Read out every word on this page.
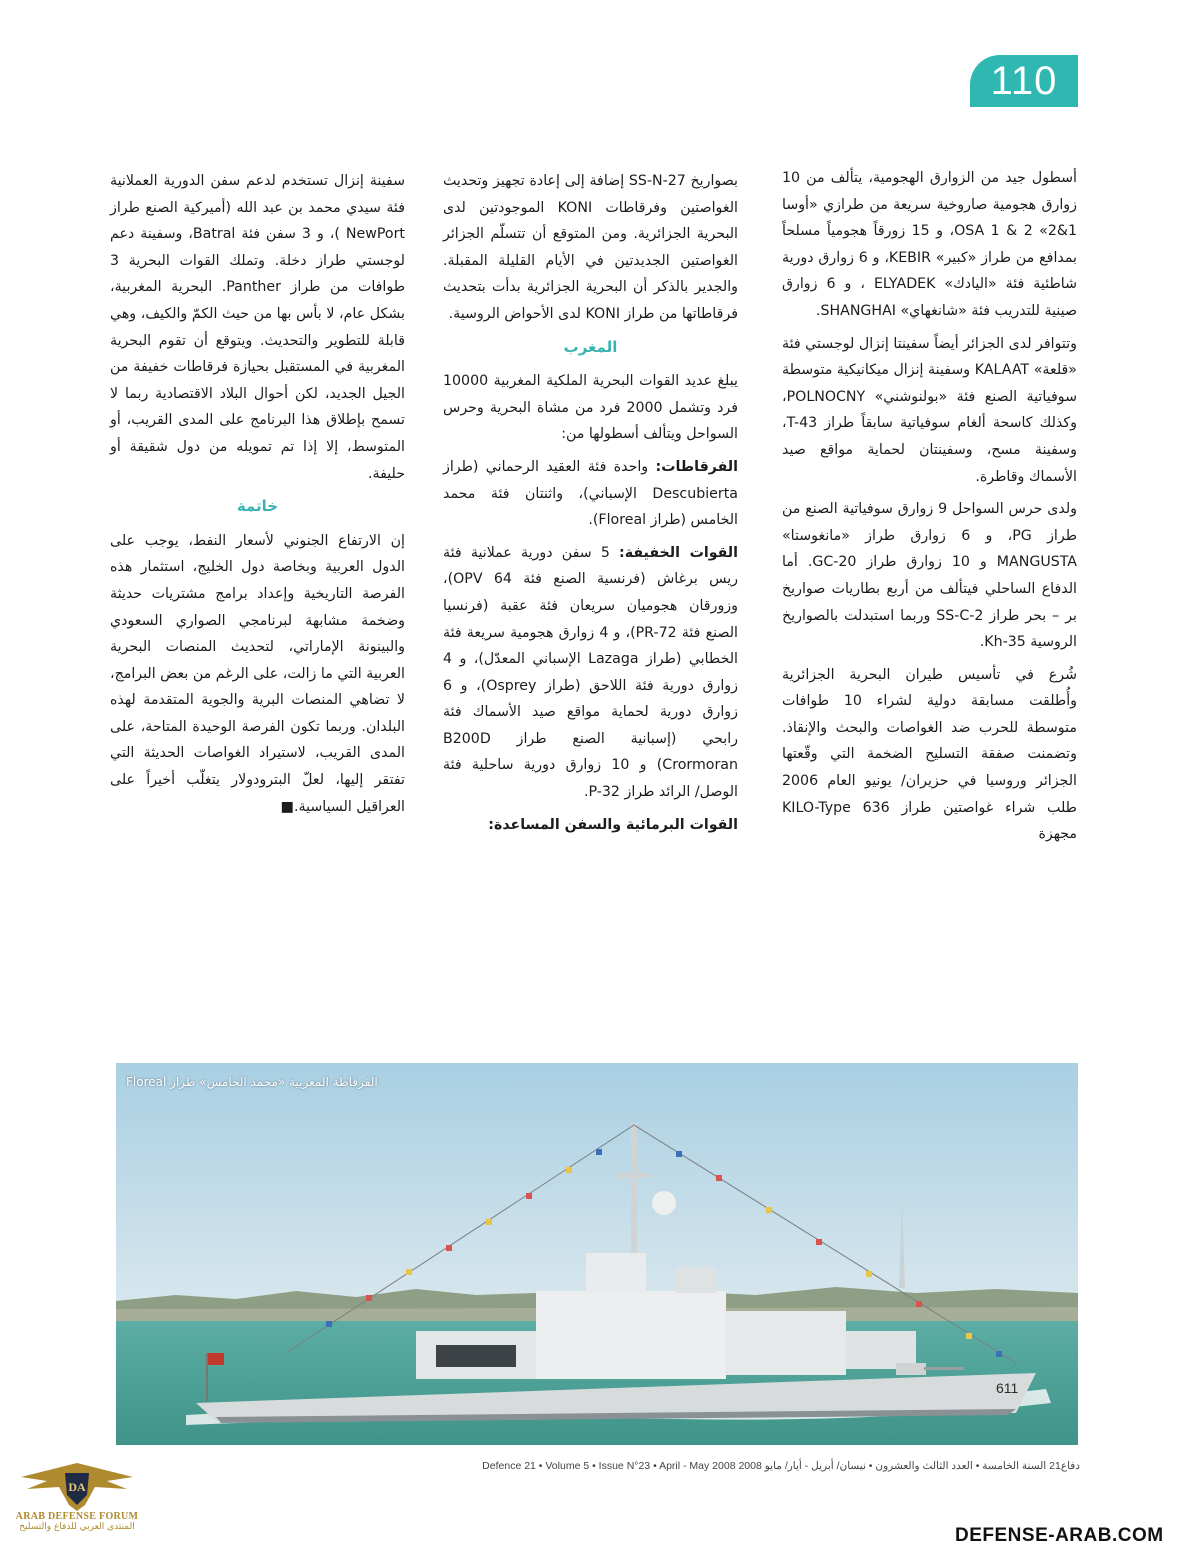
110

أسطول جيد من الزوارق الهجومية، يتألف من 10 زوارق هجومية صاروخية سريعة من طرازي «أوسا 1&2» 2 & OSA 1، و 15 زورقاً هجومياً مسلحاً بمدافع من طراز «كبير» KEBIR، و 6 زوارق دورية شاطئية فئة «اليادك» ELYADEK ، و 6 زوارق صينية للتدريب فئة «شانغهاي» SHANGHAI.

وتتوافر لدى الجزائر أيضاً سفينتا إنزال لوجستي فئة «قلعة» KALAAT وسفينة إنزال ميكانيكية متوسطة سوفياتية الصنع فئة «بولنوشني» POLNOCNY، وكذلك كاسحة ألغام سوفياتية سابقاً طراز T-43، وسفينة مسح، وسفينتان لحماية مواقع صيد الأسماك وقاطرة.

ولدى حرس السواحل 9 زوارق سوفياتية الصنع من طراز PG، و 6 زوارق طراز «مانغوستا» MANGUSTA و 10 زوارق طراز GC-20. أما الدفاع الساحلي فيتألف من أربع بطاريات صواريخ بر – بحر طراز SS-C-2 وربما استبدلت بالصواريخ الروسية Kh-35.

شُرع في تأسيس طيران البحرية الجزائرية وأُطلقت مسابقة دولية لشراء 10 طوافات متوسطة للحرب ضد الغواصات والبحث والإنقاذ. وتضمنت صفقة التسليح الضخمة التي وقّعتها الجزائر وروسيا في حزيران/ يونيو العام 2006 طلب شراء غواصتين طراز KILO-Type 636 مجهزة

بصواريخ SS-N-27 إضافة إلى إعادة تجهيز وتحديث الغواصتين وفرقاطات KONI الموجودتين لدى البحرية الجزائرية. ومن المتوقع أن تتسلّم الجزائر الغواصتين الجديدتين في الأيام القليلة المقبلة. والجدير بالذكر أن البحرية الجزائرية بدأت بتحديث فرقاطاتها من طراز KONI لدى الأحواض الروسية.

المغرب

يبلغ عديد القوات البحرية الملكية المغربية 10000 فرد وتشمل 2000 فرد من مشاة البحرية وحرس السواحل ويتألف أسطولها من:

الفرقاطات: واحدة فئة العقيد الرحماني (طراز Descubierta الإسباني)، واثنتان فئة محمد الخامس (طراز Floreal).

القوات الخفيفة: 5 سفن دورية عملانية فئة ريس برغاش (فرنسية الصنع فئة OPV 64)، وزورقان هجوميان سريعان فئة عقبة (فرنسيا الصنع فئة PR-72)، و 4 زوارق هجومية سريعة فئة الخطابي (طراز Lazaga الإسباني المعدّل)، و 4 زوارق دورية فئة اللاحق (طراز Osprey)، و 6 زوارق دورية لحماية مواقع صيد الأسماك فئة رابحي (إسبانية الصنع طراز B200D Crormoran) و 10 زوارق دورية ساحلية فئة الوصل/ الرائد طراز P-32.

القوات البرمائية والسفن المساعدة:

سفينة إنزال تستخدم لدعم سفن الدورية العملانية فئة سيدي محمد بن عبد الله (أميركية الصنع طراز NewPort )، و 3 سفن فئة Batral، وسفينة دعم لوجستي طراز دخلة. وتملك القوات البحرية 3 طوافات من طراز Panther. البحرية المغربية، بشكل عام، لا بأس بها من حيث الكمّ والكيف، وهي قابلة للتطوير والتحديث. ويتوقع أن تقوم البحرية المغربية في المستقبل بحيازة فرقاطات خفيفة من الجيل الجديد، لكن أحوال البلاد الاقتصادية ربما لا تسمح بإطلاق هذا البرنامج على المدى القريب، أو المتوسط، إلا إذا تم تمويله من دول شقيقة أو حليفة.

خاتمة

إن الارتفاع الجنوني لأسعار النفط، يوجب على الدول العربية وبخاصة دول الخليج، استثمار هذه الفرصة التاريخية وإعداد برامج مشتريات حديثة وضخمة مشابهة لبرنامجي الصواري السعودي والبينونة الإماراتي، لتحديث المنصات البحرية العربية التي ما زالت، على الرغم من بعض البرامج، لا تضاهي المنصات البرية والجوية المتقدمة لهذه البلدان. وربما تكون الفرصة الوحيدة المتاحة، على المدى القريب، لاستيراد الغواصات الحديثة التي تفتقر إليها، لعلّ البترودولار يتغلّب أخيراً على العراقيل السياسية.■

611
الفرقاطة المغربية «محمد الخامس» طراز Floreal
Defence 21 • Volume 5 • Issue N°23 • April - May 2008 دفاع21 السنة الخامسة • العدد الثالث والعشرون • نيسان/ أبريل - أيار/ مايو 2008
DA
ARAB DEFENSE FORUM
المنتدى العربي للدفاع والتسليح	DEFENSE-ARAB.COM
